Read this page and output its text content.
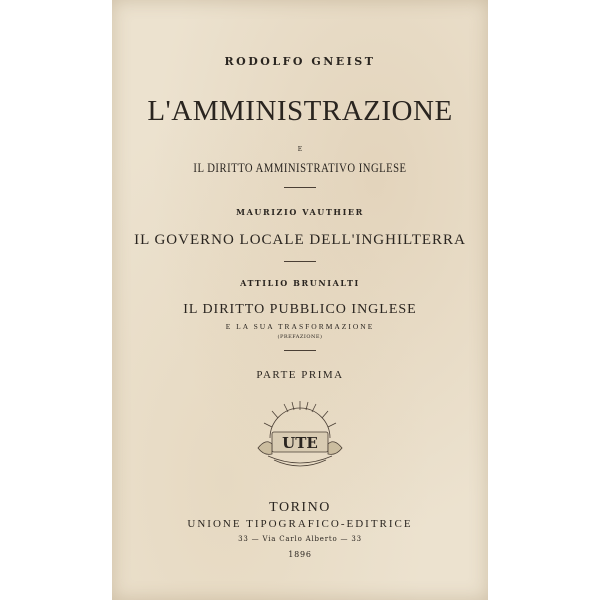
RODOLFO GNEIST
L'AMMINISTRAZIONE
E
IL DIRITTO AMMINISTRATIVO INGLESE
MAURIZIO VAUTHIER
IL GOVERNO LOCALE DELL'INGHILTERRA
ATTILIO BRUNIALTI
IL DIRITTO PUBBLICO INGLESE
E LA SUA TRASFORMAZIONE
(PREFAZIONE)
PARTE PRIMA
UTE
TORINO
UNIONE TIPOGRAFICO-EDITRICE
33 — Via Carlo Alberto — 33
1896
